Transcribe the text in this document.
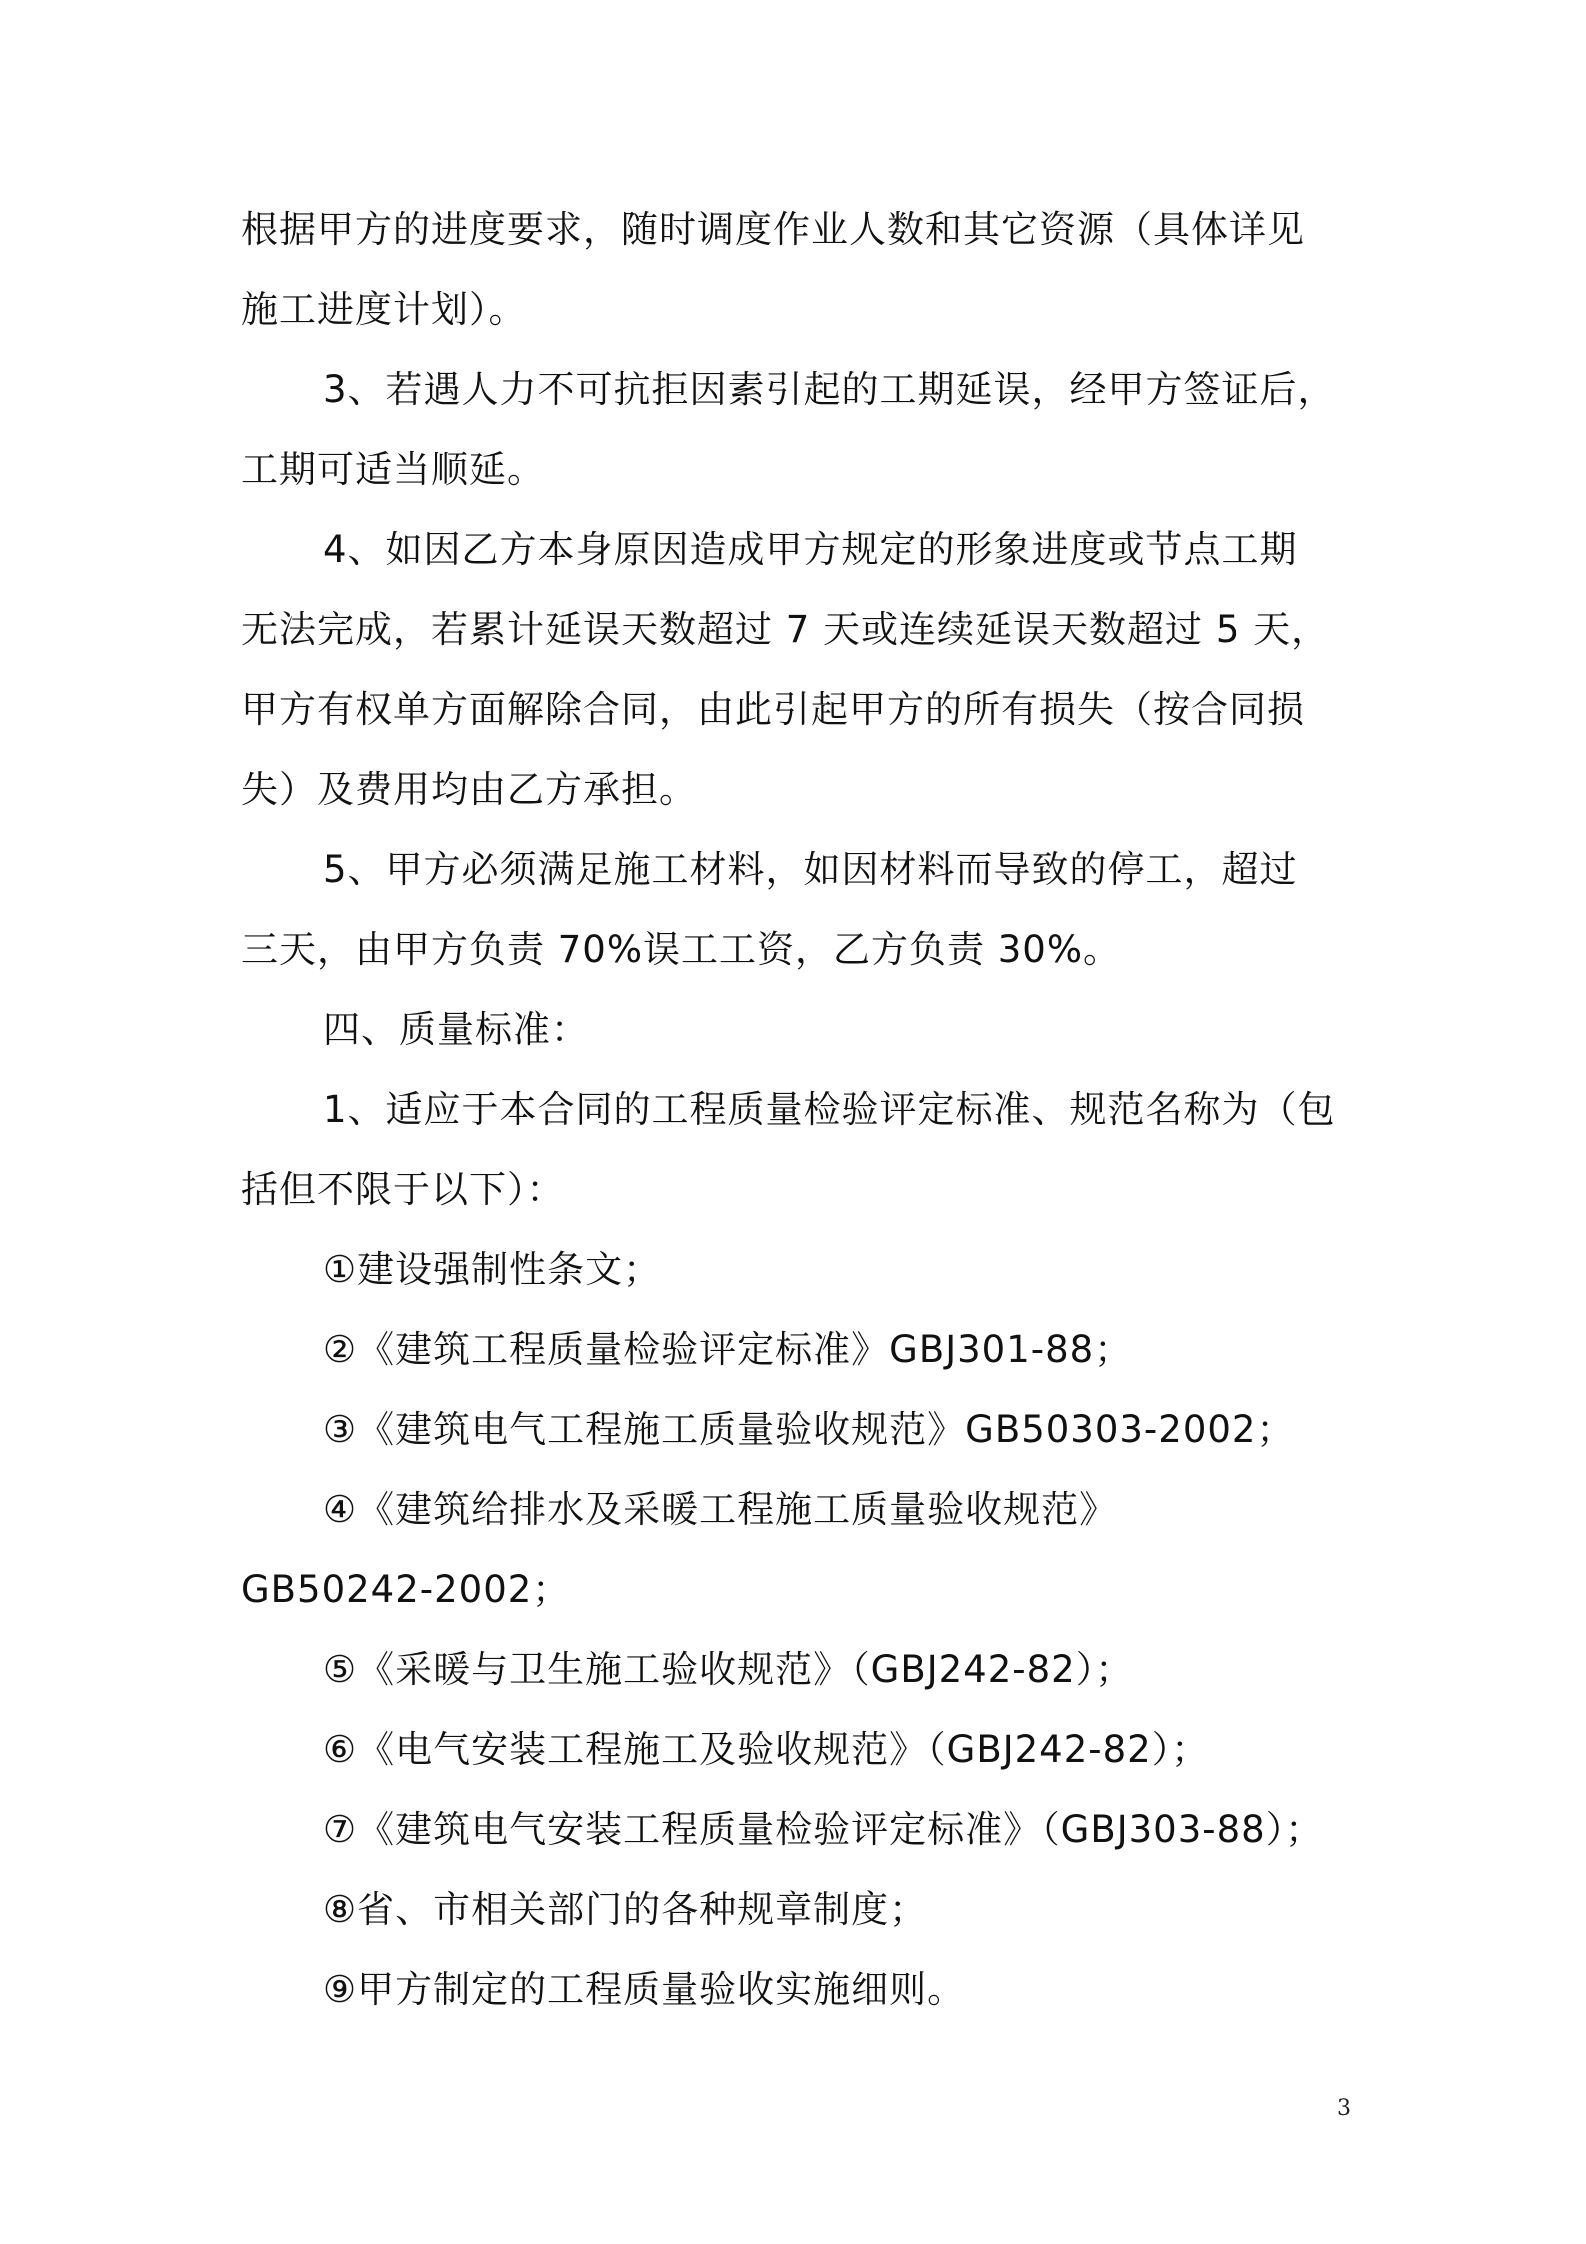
根据甲方的进度要求，随时调度作业人数和其它资源（具体详见
施工进度计划）。
3、若遇人力不可抗拒因素引起的工期延误，经甲方签证后，
工期可适当顺延。
4、如因乙方本身原因造成甲方规定的形象进度或节点工期
无法完成，若累计延误天数超过 7 天或连续延误天数超过 5 天，
甲方有权单方面解除合同，由此引起甲方的所有损失（按合同损
失）及费用均由乙方承担。
5、甲方必须满足施工材料，如因材料而导致的停工，超过
三天，由甲方负责 70%误工工资，乙方负责 30%。
四、质量标准：
1、适应于本合同的工程质量检验评定标准、规范名称为（包
括但不限于以下）：
①建设强制性条文；
②《建筑工程质量检验评定标准》GBJ301-88；
③《建筑电气工程施工质量验收规范》GB50303-2002；
④《建筑给排水及采暖工程施工质量验收规范》
GB50242-2002；
⑤《采暖与卫生施工验收规范》（GBJ242-82）；
⑥《电气安装工程施工及验收规范》（GBJ242-82）；
⑦《建筑电气安装工程质量检验评定标准》（GBJ303-88）；
⑧省、市相关部门的各种规章制度；
⑨甲方制定的工程质量验收实施细则。
3
